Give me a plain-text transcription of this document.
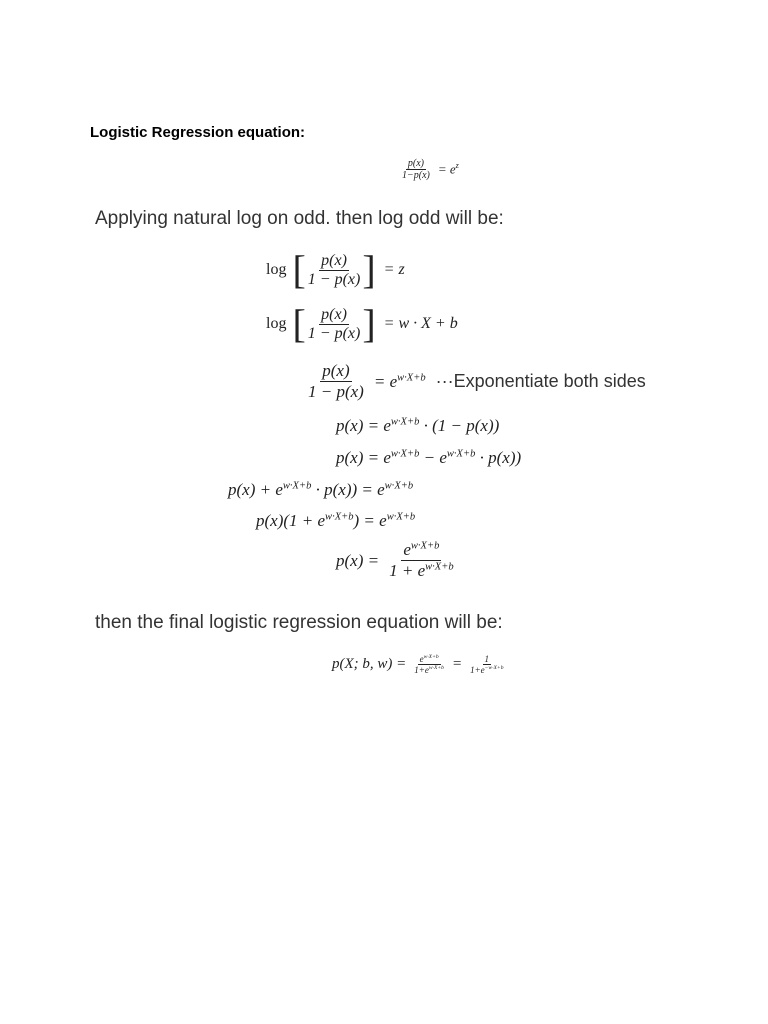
Logistic Regression equation:
$\frac{p(x)}{1-p(x)} = e^z$
Applying natural log on odd. then log odd will be:
log [ $\frac{p(x)}{1 - p(x)}$ ] = z
log [ $\frac{p(x)}{1 - p(x)}$ ] = w · X + b
$\frac{p(x)}{1 - p(x)} = e^{w\cdot X+b}$ ···Exponentiate both sides
$p(x) = e^{w\cdot X+b} \cdot (1 - p(x))$
$p(x) = e^{w\cdot X+b} - e^{w\cdot X+b} \cdot p(x)$)
$p(x) + e^{w\cdot X+b} \cdot p(x)) = e^{w\cdot X+b}$
$p(x)(1 + e^{w\cdot X+b}) = e^{w\cdot X+b}$
$p(x) = \frac{e^{w\cdot X+b}}{1 + e^{w\cdot X+b}}$
then the final logistic regression equation will be:
p(X; b, $w) = \frac{e^{w\cdot X+b}}{1+e^{w\cdot X+b}} = \frac{1}{1+e^{-w\cdot X+b}}$
